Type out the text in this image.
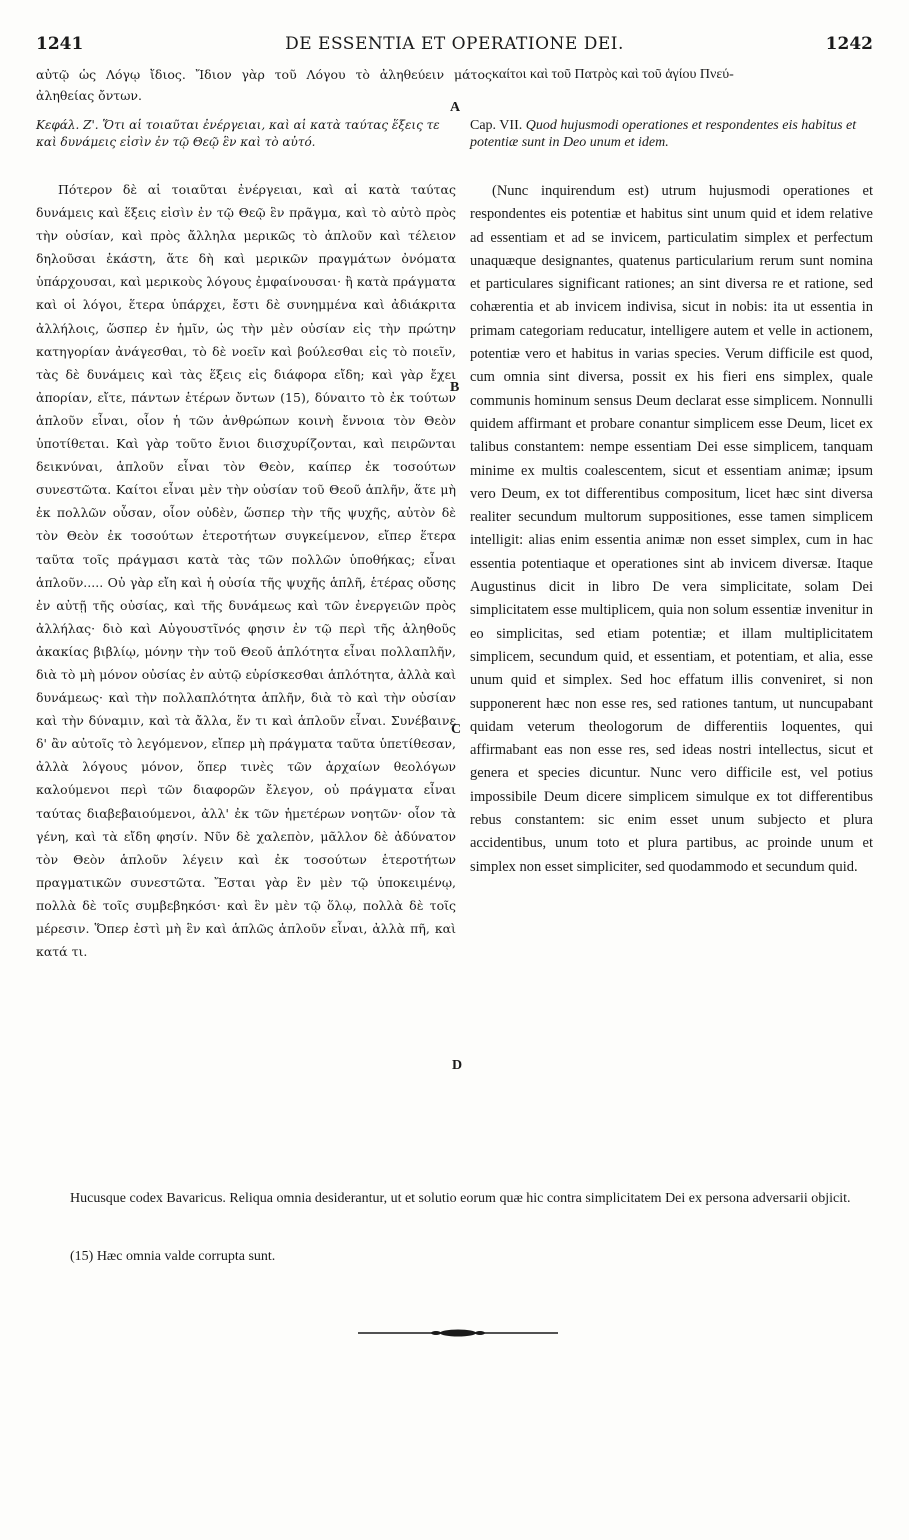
1241	DE ESSENTIA ET OPERATIONE DEI.	1242
αὐτῷ ὡς Λόγῳ ἴδιος. Ἴδιον γὰρ τοῦ Λόγου τὸ ἀληθεύειν μάτος ἀληθείας ὄντων.
καίτοι καὶ τοῦ Πατρὸς καὶ τοῦ ἁγίου Πνεύ-
A
B
C
D
Κεφάλ. Ζ'. Ὅτι αἱ τοιαῦται ἐνέργειαι, καὶ αἱ κατὰ ταύτας ἕξεις τε καὶ δυνάμεις εἰσὶν ἐν τῷ Θεῷ ἓν καὶ τὸ αὐτό.
Cap. VII. Quod hujusmodi operationes et respondentes eis habitus et potentiæ sunt in Deo unum et idem.

Πότερον δὲ αἱ τοιαῦται ἐνέργειαι, καὶ αἱ κατὰ ταύτας δυνάμεις καὶ ἕξεις εἰσὶν ἐν τῷ Θεῷ ἓν πρᾶγμα, καὶ τὸ αὐτὸ πρὸς τὴν οὐσίαν, καὶ πρὸς ἄλληλα μερικῶς τὸ ἁπλοῦν καὶ τέλειον δηλοῦσαι ἑκάστη, ἅτε δὴ καὶ μερικῶν πραγμάτων ὀνόματα ὑπάρχουσαι, καὶ μερικοὺς λόγους ἐμφαίνουσαι· ἢ κατὰ πράγματα καὶ οἱ λόγοι, ἕτερα ὑπάρχει, ἔστι δὲ συνημμένα καὶ ἀδιάκριτα ἀλλήλοις, ὥσπερ ἐν ἡμῖν, ὡς τὴν μὲν οὐσίαν εἰς τὴν πρώτην κατηγορίαν ἀνάγεσθαι, τὸ δὲ νοεῖν καὶ βούλεσθαι εἰς τὸ ποιεῖν, τὰς δὲ δυνάμεις καὶ τὰς ἕξεις εἰς διάφορα εἴδη; καὶ γὰρ ἔχει ἀπορίαν, εἴτε, πάντων ἑτέρων ὄντων (15), δύναιτο τὸ ἐκ τούτων ἁπλοῦν εἶναι, οἷον ἡ τῶν ἀνθρώπων κοινὴ ἔννοια τὸν Θεὸν ὑποτίθεται. Καὶ γὰρ τοῦτο ἔνιοι διισχυρίζονται, καὶ πειρῶνται δεικνύναι, ἁπλοῦν εἶναι τὸν Θεὸν, καίπερ ἐκ τοσούτων συνεστῶτα. Καίτοι εἶναι μὲν τὴν οὐσίαν τοῦ Θεοῦ ἁπλῆν, ἅτε μὴ ἐκ πολλῶν οὖσαν, οἷον οὐδὲν, ὥσπερ τὴν τῆς ψυχῆς, αὐτὸν δὲ τὸν Θεὸν ἐκ τοσούτων ἑτεροτήτων συγκείμενον, εἴπερ ἕτερα ταῦτα τοῖς πράγμασι κατὰ τὰς τῶν πολλῶν ὑποθήκας; εἶναι ἁπλοῦν..... Οὐ γὰρ εἴη καὶ ἡ οὐσία τῆς ψυχῆς ἁπλῆ, ἑτέρας οὔσης ἐν αὐτῇ τῆς οὐσίας, καὶ τῆς δυνάμεως καὶ τῶν ἐνεργειῶν πρὸς ἀλλήλας· διὸ καὶ Αὐγουστῖνός φησιν ἐν τῷ περὶ τῆς ἀληθοῦς ἀκακίας βιβλίῳ, μόνην τὴν τοῦ Θεοῦ ἁπλότητα εἶναι πολλαπλῆν, διὰ τὸ μὴ μόνον οὐσίας ἐν αὐτῷ εὑρίσκεσθαι ἁπλότητα, ἀλλὰ καὶ δυνάμεως· καὶ τὴν πολλαπλότητα ἁπλῆν, διὰ τὸ καὶ τὴν οὐσίαν καὶ τὴν δύναμιν, καὶ τὰ ἄλλα, ἕν τι καὶ ἁπλοῦν εἶναι. Συνέβαινε δ' ἂν αὐτοῖς τὸ λεγόμενον, εἴπερ μὴ πράγματα ταῦτα ὑπετίθεσαν, ἀλλὰ λόγους μόνον, ὅπερ τινὲς τῶν ἀρχαίων θεολόγων καλούμενοι περὶ τῶν διαφορῶν ἔλεγον, οὐ πράγματα εἶναι ταύτας διαβεβαιούμενοι, ἀλλ' ἐκ τῶν ἡμετέρων νοητῶν· οἷον τὰ γένη, καὶ τὰ εἴδη φησίν. Νῦν δὲ χαλεπὸν, μᾶλλον δὲ ἀδύνατον τὸν Θεὸν ἁπλοῦν λέγειν καὶ ἐκ τοσούτων ἑτεροτήτων πραγματικῶν συνεστῶτα. Ἔσται γὰρ ἓν μὲν τῷ ὑποκειμένῳ, πολλὰ δὲ τοῖς συμβεβηκόσι· καὶ ἓν μὲν τῷ ὅλῳ, πολλὰ δὲ τοῖς μέρεσιν. Ὅπερ ἐστὶ μὴ ἓν καὶ ἁπλῶς ἁπλοῦν εἶναι, ἀλλὰ πῆ, καὶ κατά τι.

(Nunc inquirendum est) utrum hujusmodi operationes et respondentes eis potentiæ et habitus sint unum quid et idem relative ad essentiam et ad se invicem, particulatim simplex et perfectum unaquæque designantes, quatenus particularium rerum sunt nomina et particulares significant rationes; an sint diversa re et ratione, sed cohærentia et ab invicem indivisa, sicut in nobis: ita ut essentia in primam categoriam reducatur, intelligere autem et velle in actionem, potentiæ vero et habitus in varias species. Verum difficile est quod, cum omnia sint diversa, possit ex his fieri ens simplex, quale communis hominum sensus Deum declarat esse simplicem. Nonnulli quidem affirmant et probare conantur simplicem esse Deum, licet ex talibus constantem: nempe essentiam Dei esse simplicem, tanquam minime ex multis coalescentem, sicut et essentiam animæ; ipsum vero Deum, ex tot differentibus compositum, licet hæc sint diversa realiter secundum multorum suppositiones, esse tamen simplicem intelligit: alias enim essentia animæ non esset simplex, cum in hac essentia potentiaque et operationes sint ab invicem diversæ. Itaque Augustinus dicit in libro De vera simplicitate, solam Dei simplicitatem esse multiplicem, quia non solum essentiæ invenitur in eo simplicitas, sed etiam potentiæ; et illam multiplicitatem simplicem, secundum quid, et essentiam, et potentiam, et alia, esse unum quid et simplex. Sed hoc effatum illis conveniret, si non supponerent hæc non esse res, sed rationes tantum, ut nuncupabant quidam veterum theologorum de differentiis loquentes, qui affirmabant eas non esse res, sed ideas nostri intellectus, sicut et genera et species dicuntur. Nunc vero difficile est, vel potius impossibile Deum dicere simplicem simulque ex tot differentibus rebus constantem: sic enim esset unum subjecto et plura accidentibus, unum toto et plura partibus, ac proinde unum et simplex non esset simpliciter, sed quodammodo et secundum quid.

Hucusque codex Bavaricus. Reliqua omnia desiderantur, ut et solutio eorum quæ hic contra simplicitatem Dei ex persona adversarii objicit.
(15) Hæc omnia valde corrupta sunt.
